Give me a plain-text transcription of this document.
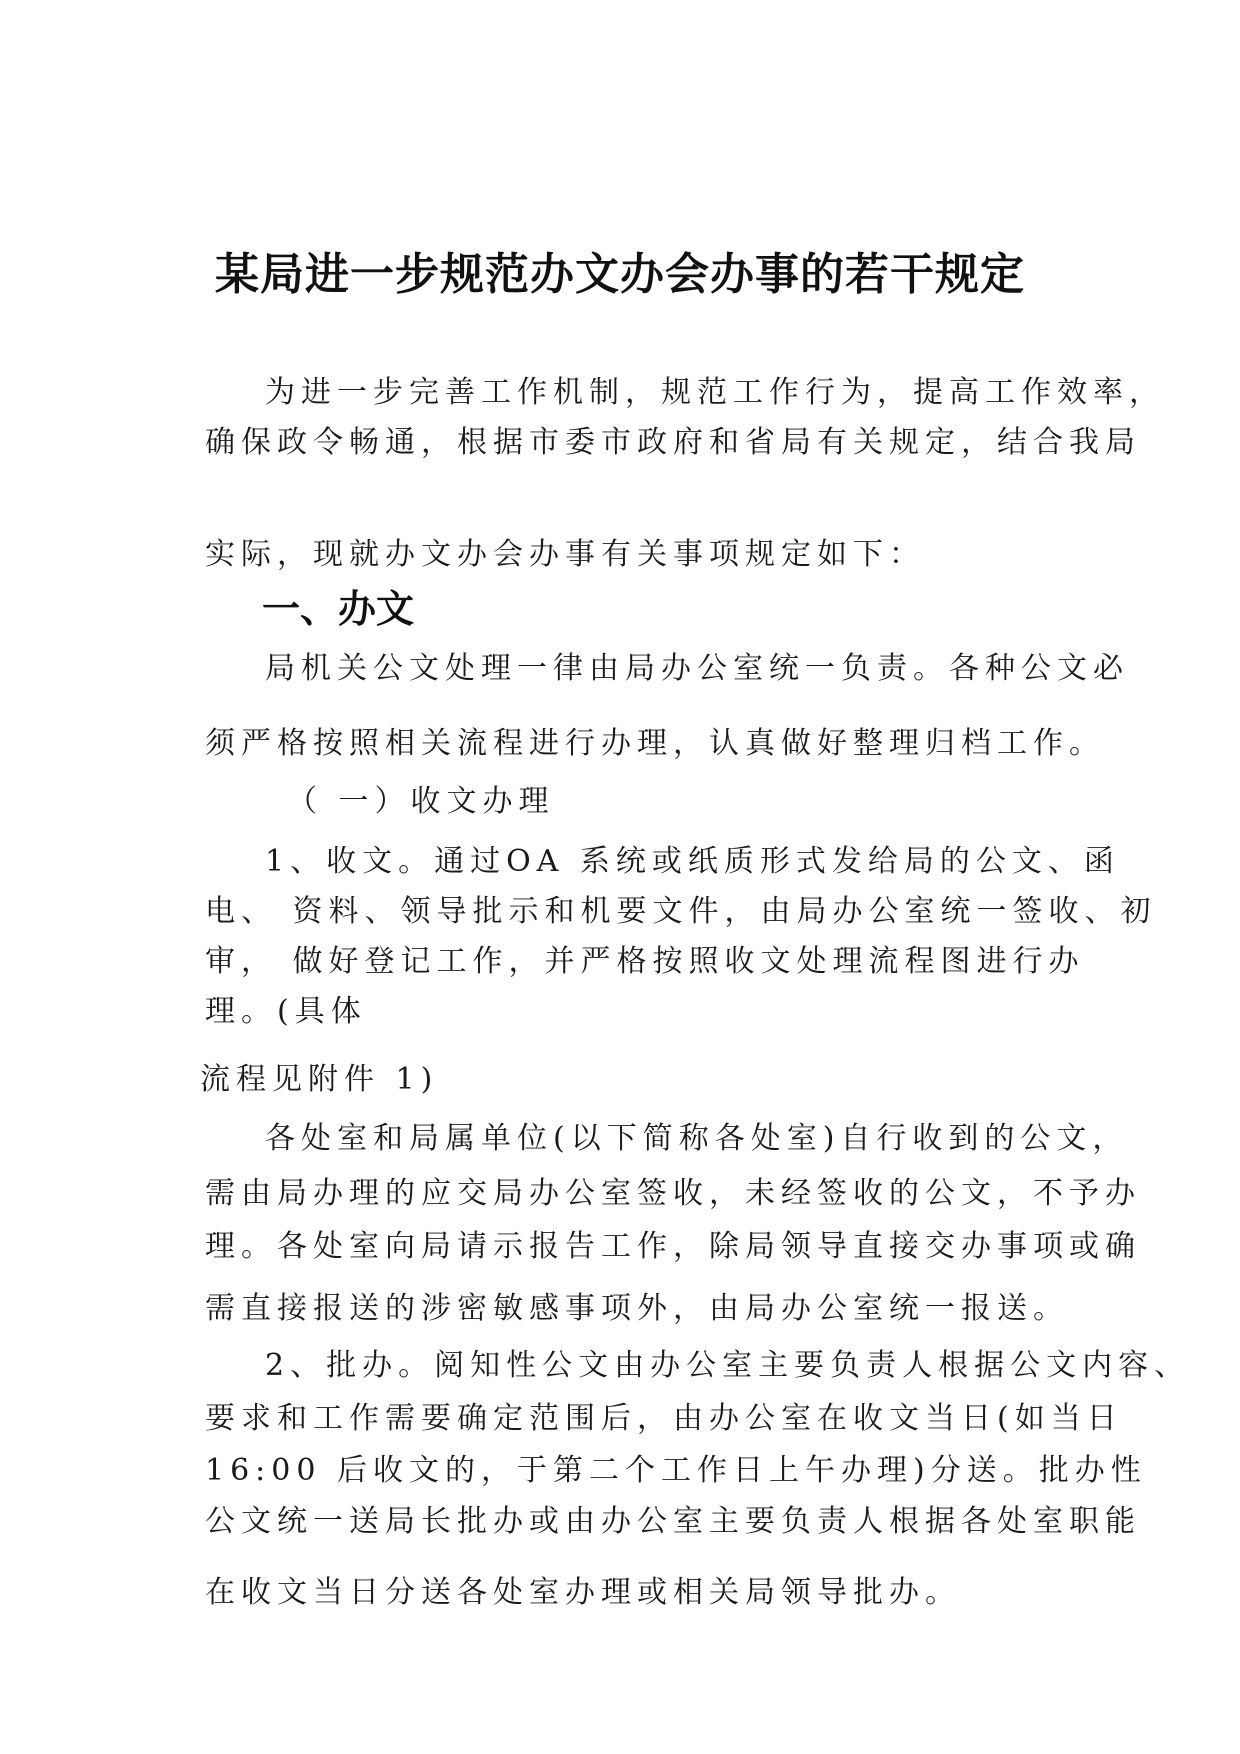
某局进一步规范办文办会办事的若干规定
为进一步完善工作机制，规范工作行为，提高工作效率，
确保政令畅通，根据市委市政府和省局有关规定，结合我局
实际，现就办文办会办事有关事项规定如下：
一、办文
局机关公文处理一律由局办公室统一负责。各种公文必
须严格按照相关流程进行办理，认真做好整理归档工作。
（ 一）收文办理
1、收文。通过OA 系统或纸质形式发给局的公文、函
电、 资料、领导批示和机要文件，由局办公室统一签收、初
审， 做好登记工作，并严格按照收文处理流程图进行办
理。(具体
流程见附件 1)
各处室和局属单位(以下简称各处室)自行收到的公文，
需由局办理的应交局办公室签收，未经签收的公文，不予办
理。各处室向局请示报告工作，除局领导直接交办事项或确
需直接报送的涉密敏感事项外，由局办公室统一报送。
2、批办。阅知性公文由办公室主要负责人根据公文内容、
要求和工作需要确定范围后，由办公室在收文当日(如当日
16:00 后收文的，于第二个工作日上午办理)分送。批办性
公文统一送局长批办或由办公室主要负责人根据各处室职能
在收文当日分送各处室办理或相关局领导批办。
